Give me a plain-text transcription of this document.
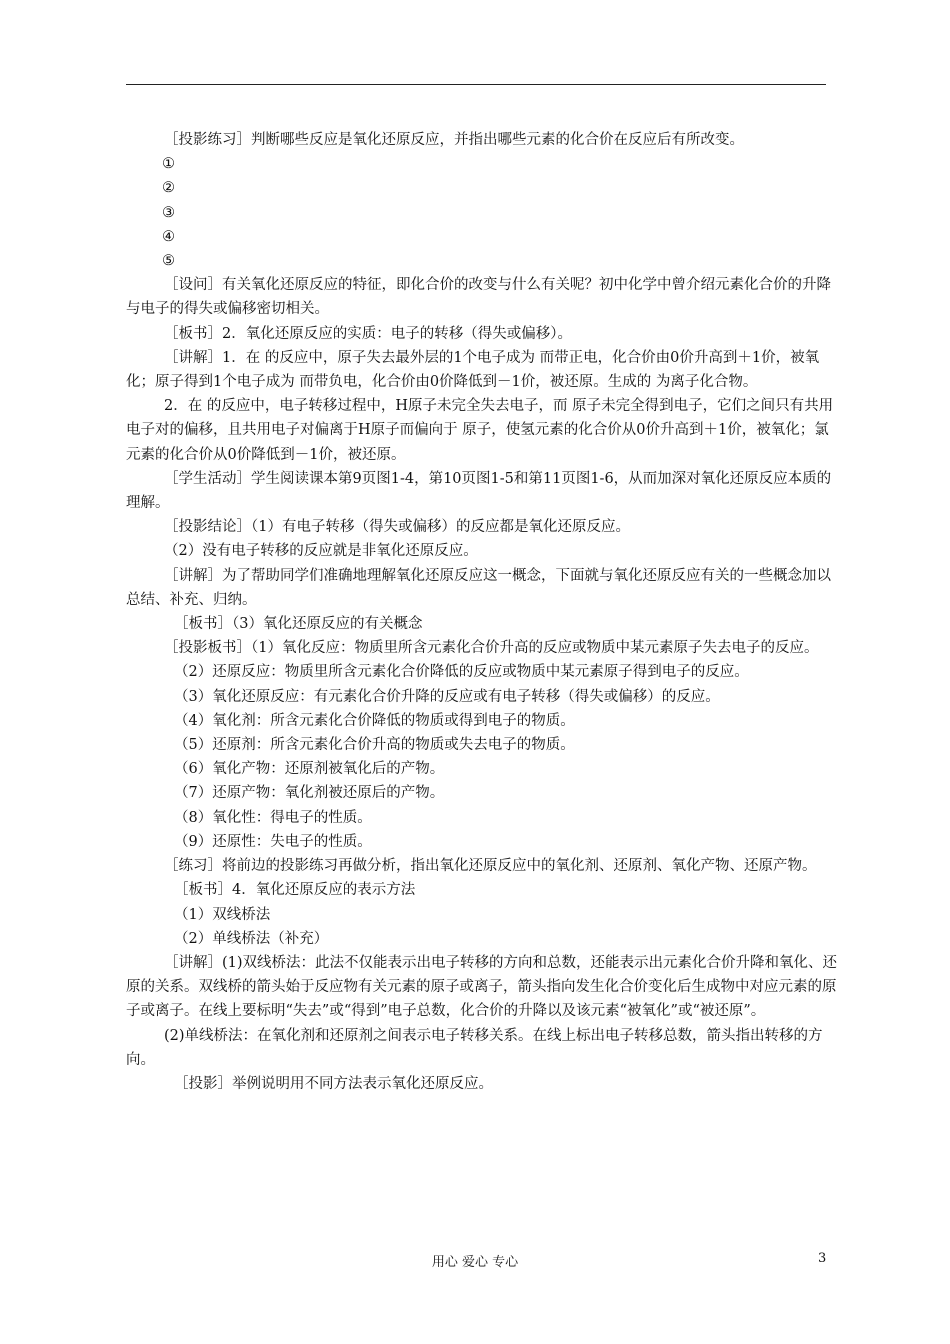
［投影练习］判断哪些反应是氧化还原反应，并指出哪些元素的化合价在反应后有所改变。

①

②

③

④

⑤

［设问］有关氧化还原反应的特征，即化合价的改变与什么有关呢？初中化学中曾介绍元素化合价的升降与电子的得失或偏移密切相关。

［板书］2．氧化还原反应的实质：电子的转移（得失或偏移）。

［讲解］1．在 的反应中，原子失去最外层的1个电子成为 而带正电，化合价由0价升高到＋1价，被氧化；原子得到1个电子成为 而带负电，化合价由0价降低到－1价，被还原。生成的 为离子化合物。

2．在 的反应中，电子转移过程中，H原子未完全失去电子，而 原子未完全得到电子，它们之间只有共用电子对的偏移，且共用电子对偏离于H原子而偏向于 原子，使氢元素的化合价从0价升高到＋1价，被氧化；氯元素的化合价从0价降低到－1价，被还原。

［学生活动］学生阅读课本第9页图1-4，第10页图1-5和第11页图1-6，从而加深对氧化还原反应本质的理解。

［投影结论］（1）有电子转移（得失或偏移）的反应都是氧化还原反应。

（2）没有电子转移的反应就是非氧化还原反应。

［讲解］为了帮助同学们准确地理解氧化还原反应这一概念，下面就与氧化还原反应有关的一些概念加以总结、补充、归纳。

［板书］（3）氧化还原反应的有关概念

［投影板书］（1）氧化反应：物质里所含元素化合价升高的反应或物质中某元素原子失去电子的反应。

（2）还原反应：物质里所含元素化合价降低的反应或物质中某元素原子得到电子的反应。

（3）氧化还原反应：有元素化合价升降的反应或有电子转移（得失或偏移）的反应。

（4）氧化剂：所含元素化合价降低的物质或得到电子的物质。

（5）还原剂：所含元素化合价升高的物质或失去电子的物质。

（6）氧化产物：还原剂被氧化后的产物。

（7）还原产物：氧化剂被还原后的产物。

（8）氧化性：得电子的性质。

（9）还原性：失电子的性质。

［练习］将前边的投影练习再做分析，指出氧化还原反应中的氧化剂、还原剂、氧化产物、还原产物。

［板书］4．氧化还原反应的表示方法

（1）双线桥法

（2）单线桥法（补充）

［讲解］(1)双线桥法：此法不仅能表示出电子转移的方向和总数，还能表示出元素化合价升降和氧化、还原的关系。双线桥的箭头始于反应物有关元素的原子或离子，箭头指向发生化合价变化后生成物中对应元素的原子或离子。在线上要标明“失去”或“得到”电子总数，化合价的升降以及该元素“被氧化”或“被还原”。

(2)单线桥法：在氧化剂和还原剂之间表示电子转移关系。在线上标出电子转移总数，箭头指出转移的方向。

［投影］举例说明用不同方法表示氧化还原反应。

用心 爱心 专心	3
